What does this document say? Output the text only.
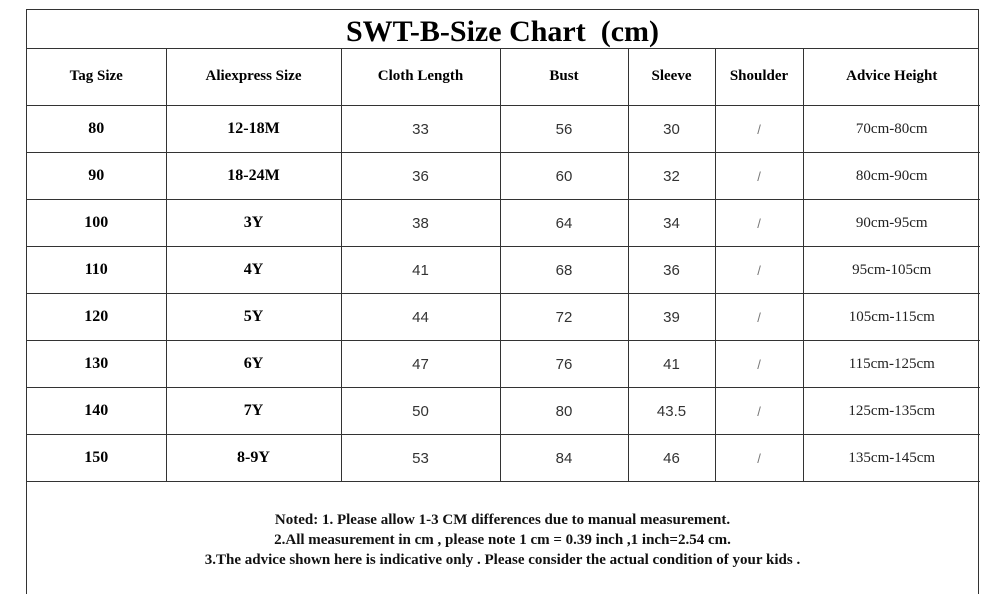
SWT-B-Size Chart  (cm)
Tag Size	Aliexpress Size	Cloth Length	Bust	Sleeve	Shoulder	Advice Height
80	12-18M	33	56	30	/	70cm-80cm
90	18-24M	36	60	32	/	80cm-90cm
100	3Y	38	64	34	/	90cm-95cm
110	4Y	41	68	36	/	95cm-105cm
120	5Y	44	72	39	/	105cm-115cm
130	6Y	47	76	41	/	115cm-125cm
140	7Y	50	80	43.5	/	125cm-135cm
150	8-9Y	53	84	46	/	135cm-145cm
Noted: 1. Please allow 1-3 CM differences due to manual measurement.
2.All measurement in cm , please note 1 cm = 0.39 inch ,1 inch=2.54 cm.
3.The advice shown here is indicative only . Please consider the actual condition of your kids .
